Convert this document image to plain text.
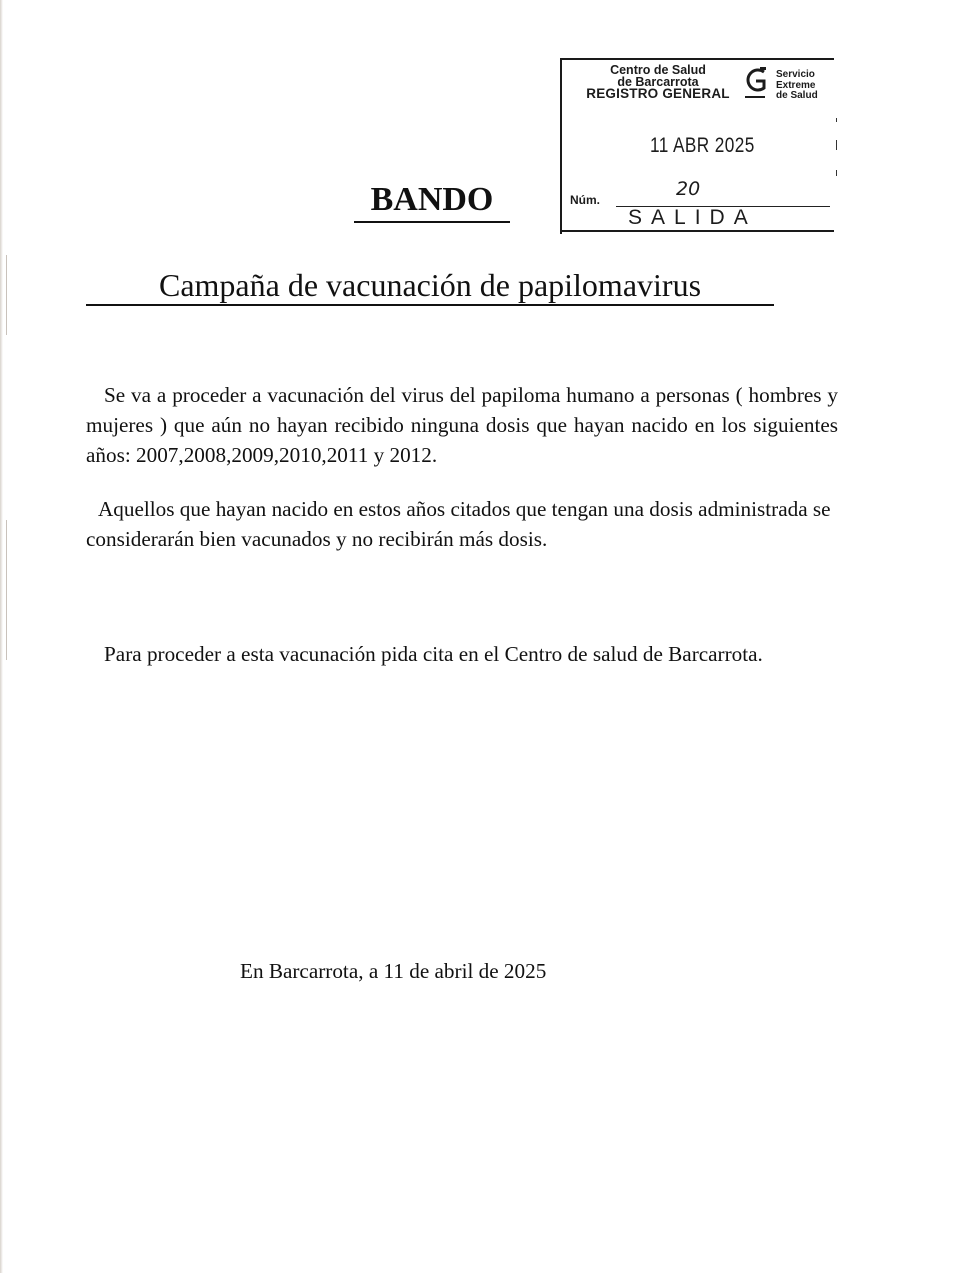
Centro de Salud
de Barcarrota
REGISTRO GENERAL
Servicio
Extreme
de Salud
11 ABR 2025
Núm.	20
SALIDA
BANDO
Campaña de vacunación de papilomavirus
Se va a proceder a vacunación del virus del papiloma humano a personas ( hombres y mujeres ) que aún no hayan recibido ninguna dosis que hayan nacido en los siguientes años: 2007,2008,2009,2010,2011 y 2012.
Aquellos que hayan nacido en estos años citados que tengan una dosis administrada se considerarán bien vacunados y no recibirán más dosis.
Para proceder a esta vacunación pida cita en el Centro de salud de Barcarrota.
En Barcarrota, a 11 de abril de 2025
